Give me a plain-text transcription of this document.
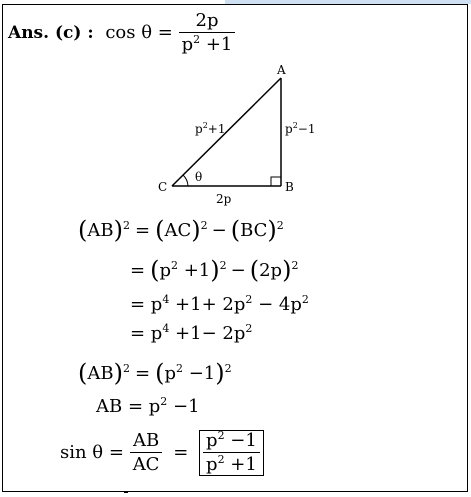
Ans. (c) : $\cos \theta = \frac{2p}{p^2 +1}$
A
B
C
θ
$p^2+1$	$p^2-1$
2p
(AB)$^2$ = (AC)$^2$ − (BC)$^2$
= $(p^2 +1)^2 - (2p)^2$
= $p^4 +1+ 2p^2 - 4p^2$
= $p^4 +1- 2p^2$
$(AB)^2 = (p^2 -1)^2$
AB = $p^2 -1$
$\sin \theta = \frac{AB}{AC} = \frac{p^2 -1}{p^2 +1}$
